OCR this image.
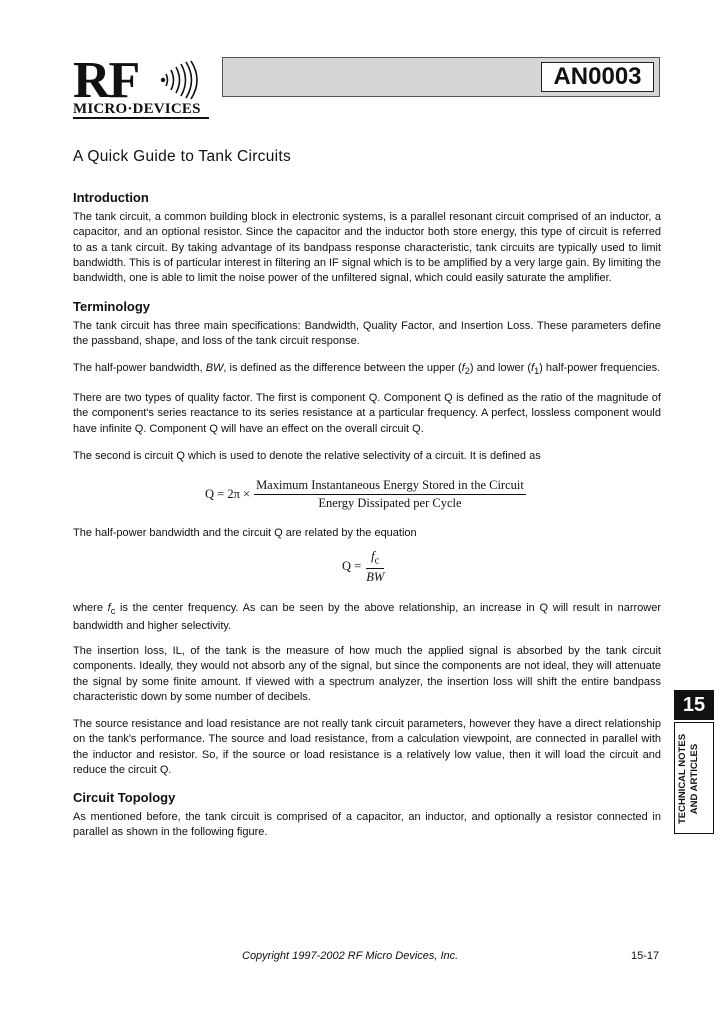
RF
MICRO·DEVICES
AN0003
A Quick Guide to Tank Circuits
Introduction

The tank circuit, a common building block in electronic systems, is a parallel resonant circuit comprised of an inductor, a capacitor, and an optional resistor. Since the capacitor and the inductor both store energy, this type of circuit is referred to as a tank circuit. By taking advantage of its bandpass response characteristic, tank circuits are typically used to limit bandwidth. This is of particular interest in filtering an IF signal which is to be amplified by a very large gain. By limiting the bandwidth, one is able to limit the noise power of the unfiltered signal, which could easily saturate the amplifier.

Terminology

The tank circuit has three main specifications: Bandwidth, Quality Factor, and Insertion Loss. These parameters define the passband, shape, and loss of the tank circuit response.

The half-power bandwidth, BW, is defined as the difference between the upper $(f_2)$ and lower $(f_1)$ half-power frequencies.

There are two types of quality factor. The first is component Q. Component Q is defined as the ratio of the magnitude of the component's series reactance to its series resistance at a particular frequency. A perfect, lossless component would have infinite Q. Component Q will have an effect on the overall circuit Q.

The second is circuit Q which is used to denote the relative selectivity of a circuit. It is defined as

$Q = 2\pi \times \frac{\text{Maximum Instantaneous Energy Stored in the Circuit}}{\text{Energy Dissipated per Cycle}}$

The half-power bandwidth and the circuit Q are related by the equation

$Q = \frac{f_c}{BW}$

where $f_c$ is the center frequency. As can be seen by the above relationship, an increase in Q will result in narrower bandwidth and higher selectivity.

The insertion loss, IL, of the tank is the measure of how much the applied signal is absorbed by the tank circuit components. Ideally, they would not absorb any of the signal, but since the components are not ideal, they will attenuate the signal by some finite amount. If viewed with a spectrum analyzer, the insertion loss will shift the entire bandpass characteristic down by some number of decibels.

The source resistance and load resistance are not really tank circuit parameters, however they have a direct relationship on the tank's performance. The source and load resistance, from a calculation viewpoint, are connected in parallel with the inductor and resistor. So, if the source or load resistance is a relatively low value, then it will load the circuit and reduce the circuit Q.

Circuit Topology

As mentioned before, the tank circuit is comprised of a capacitor, an inductor, and optionally a resistor connected in parallel as shown in the following figure.

15
TECHNICAL NOTES AND ARTICLES
Copyright 1997-2002 RF Micro Devices, Inc.	15-17
